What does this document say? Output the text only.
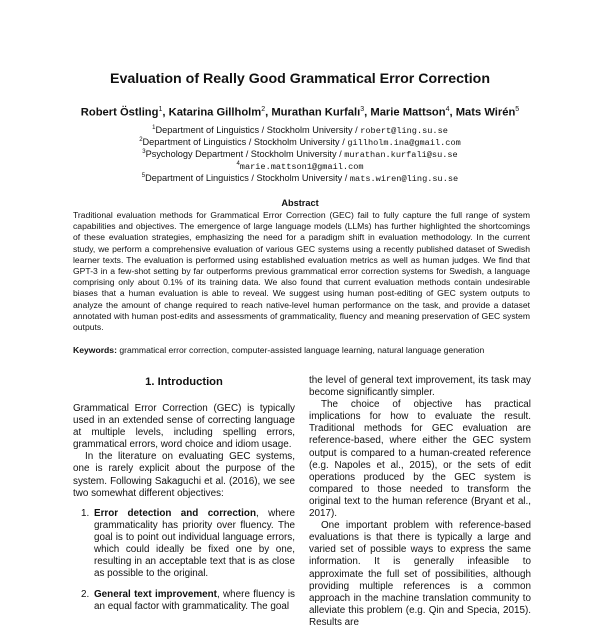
Evaluation of Really Good Grammatical Error Correction
Robert Östling$^1$, Katarina Gillholm$^2$, Murathan Kurfalı$^3$, Marie Mattson$^4$, Mats Wirén$^5$
$^1$Department of Linguistics / Stockholm University / robert@ling.su.se
$^2$Department of Linguistics / Stockholm University / gillholm.ina@gmail.com
$^3$Psychology Department / Stockholm University / murathan.kurfali@su.se
$^4$marie.mattson1@gmail.com
$^5$Department of Linguistics / Stockholm University / mats.wiren@ling.su.se
Abstract
Traditional evaluation methods for Grammatical Error Correction (GEC) fail to fully capture the full range of system capabilities and objectives. The emergence of large language models (LLMs) has further highlighted the shortcomings of these evaluation strategies, emphasizing the need for a paradigm shift in evaluation methodology. In the current study, we perform a comprehensive evaluation of various GEC systems using a recently published dataset of Swedish learner texts. The evaluation is performed using established evaluation metrics as well as human judges. We find that GPT-3 in a few-shot setting by far outperforms previous grammatical error correction systems for Swedish, a language comprising only about 0.1% of its training data. We also found that current evaluation methods contain undesirable biases that a human evaluation is able to reveal. We suggest using human post-editing of GEC system outputs to analyze the amount of change required to reach native-level human performance on the task, and provide a dataset annotated with human post-edits and assessments of grammaticality, fluency and meaning preservation of GEC system outputs.
Keywords: grammatical error correction, computer-assisted language learning, natural language generation
1. Introduction

Grammatical Error Correction (GEC) is typically used in an extended sense of correcting language at multiple levels, including spelling errors, grammatical errors, word choice and idiom usage.

In the literature on evaluating GEC systems, one is rarely explicit about the purpose of the system. Following Sakaguchi et al. (2016), we see two somewhat different objectives:

1. Error detection and correction, where grammaticality has priority over fluency. The goal is to point out individual language errors, which could ideally be fixed one by one, resulting in an acceptable text that is as close as possible to the original.
2. General text improvement, where fluency is an equal factor with grammaticality. The goal

the level of general text improvement, its task may become significantly simpler.

The choice of objective has practical implications for how to evaluate the result. Traditional methods for GEC evaluation are reference-based, where either the GEC system output is compared to a human-created reference (e.g. Napoles et al., 2015), or the sets of edit operations produced by the GEC system is compared to those needed to transform the original text to the human reference (Bryant et al., 2017).

One important problem with reference-based evaluations is that there is typically a large and varied set of possible ways to express the same information. It is generally infeasible to approximate the full set of possibilities, although providing multiple references is a common approach in the machine translation community to alleviate this problem (e.g. Qin and Specia, 2015). Results are
